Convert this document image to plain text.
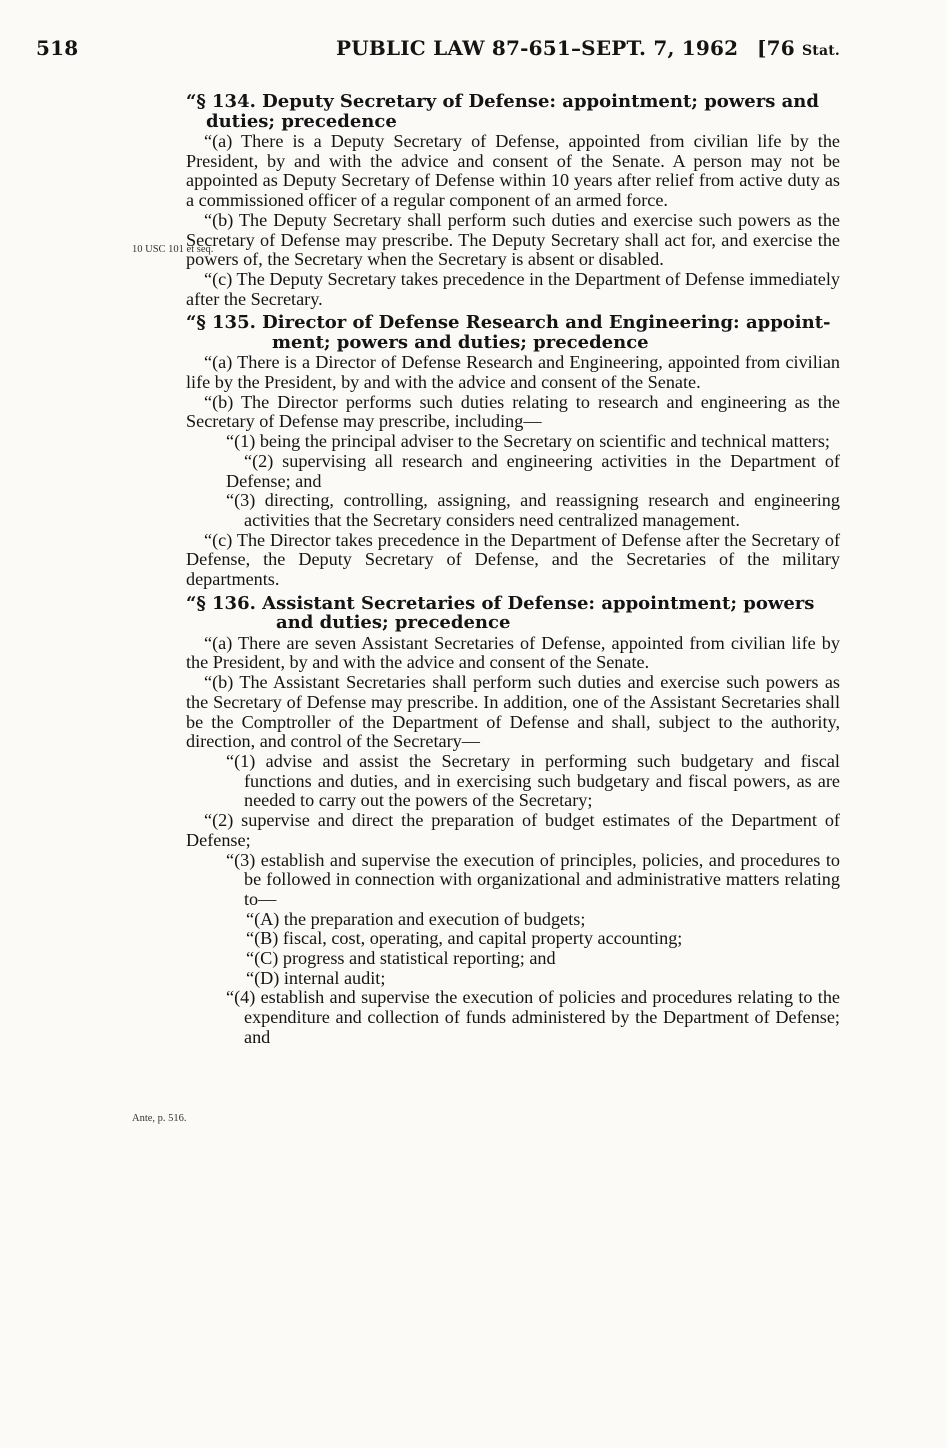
518	PUBLIC LAW 87-651–SEPT. 7, 1962 [76 Stat.
10 USC 101 et seq.
Ante, p. 516.
“§ 134. Deputy Secretary of Defense: appointment; powers and
duties; precedence

“(a) There is a Deputy Secretary of Defense, appointed from civilian life by the President, by and with the advice and consent of the Senate. A person may not be appointed as Deputy Secretary of Defense within 10 years after relief from active duty as a commissioned officer of a regular component of an armed force.

“(b) The Deputy Secretary shall perform such duties and exercise such powers as the Secretary of Defense may prescribe. The Deputy Secretary shall act for, and exercise the powers of, the Secretary when the Secretary is absent or disabled.

“(c) The Deputy Secretary takes precedence in the Department of Defense immediately after the Secretary.

“§ 135. Director of Defense Research and Engineering: appoint-
ment; powers and duties; precedence

“(a) There is a Director of Defense Research and Engineering, appointed from civilian life by the President, by and with the advice and consent of the Senate.

“(b) The Director performs such duties relating to research and engineering as the Secretary of Defense may prescribe, including—

“(1) being the principal adviser to the Secretary on scientific and technical matters;

“(2) supervising all research and engineering activities in the Department of Defense; and

“(3) directing, controlling, assigning, and reassigning research and engineering activities that the Secretary considers need centralized management.

“(c) The Director takes precedence in the Department of Defense after the Secretary of Defense, the Deputy Secretary of Defense, and the Secretaries of the military departments.

“§ 136. Assistant Secretaries of Defense: appointment; powers
and duties; precedence

“(a) There are seven Assistant Secretaries of Defense, appointed from civilian life by the President, by and with the advice and consent of the Senate.

“(b) The Assistant Secretaries shall perform such duties and exercise such powers as the Secretary of Defense may prescribe. In addition, one of the Assistant Secretaries shall be the Comptroller of the Department of Defense and shall, subject to the authority, direction, and control of the Secretary—

“(1) advise and assist the Secretary in performing such budgetary and fiscal functions and duties, and in exercising such budgetary and fiscal powers, as are needed to carry out the powers of the Secretary;

“(2) supervise and direct the preparation of budget estimates of the Department of Defense;

“(3) establish and supervise the execution of principles, policies, and procedures to be followed in connection with organizational and administrative matters relating to—

“(A) the preparation and execution of budgets;

“(B) fiscal, cost, operating, and capital property accounting;

“(C) progress and statistical reporting; and

“(D) internal audit;

“(4) establish and supervise the execution of policies and procedures relating to the expenditure and collection of funds administered by the Department of Defense; and
